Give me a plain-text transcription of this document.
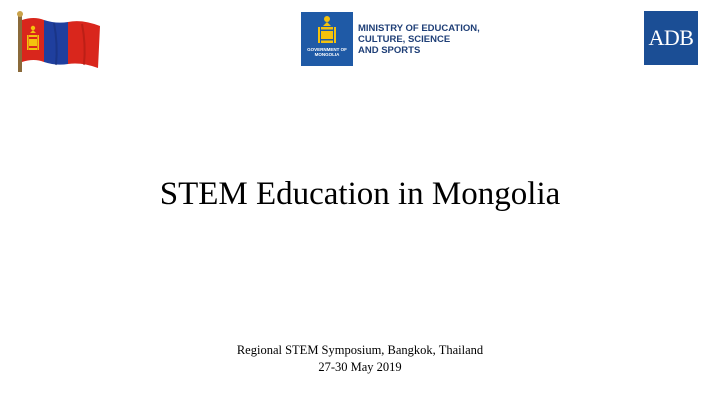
GOVERNMENT OF
MONGOLIA
MINISTRY OF EDUCATION,
CULTURE, SCIENCE
AND SPORTS	ADB
STEM Education in Mongolia
Regional STEM Symposium, Bangkok, Thailand
27-30 May 2019
